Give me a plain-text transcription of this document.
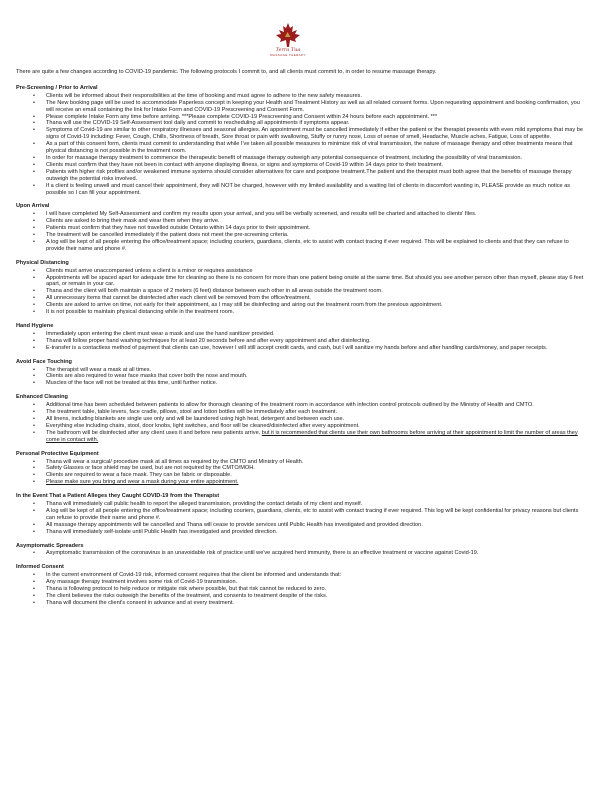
Terra Tua
MASSAGE THERAPY

There are quite a few changes according to COVID-19 pandemic. The following protocols I commit to, and all clients must commit to, in order to resume massage therapy.

Pre-Screening / Prior to Arrival
• Clients will be informed about their responsibilities at the time of booking and must agree to adhere to the new safety measures.
• The New booking page will be used to accommodate Paperless concept in keeping your Health and Treatment History as well as all related consent forms. Upon requesting appointment and booking confirmation, you will receive an email containing the link for Intake Form and COVID-19 Prescreening and Consent Form.
• Please complete Intake Form any time before arriving. ***Please complete COVID-19 Prescreening and Consent within 24 hours before each appointment. ***
• Thana will use the COVID-19 Self-Assessment tool daily and commit to rescheduling all appointments if symptoms appear.
• Symptoms of Covid-19 are similar to other respiratory illnesses and seasonal allergies. An appointment must be cancelled immediately if either the patient or the therapist presents with even mild symptoms that may be signs of Covid-19 including: Fever, Cough, Chills, Shortness of breath, Sore throat or pain with swallowing, Stuffy or runny nose, Loss of sense of smell, Headache, Muscle aches, Fatigue, Loss of appetite.
• As a part of this consent form, clients must commit to understanding that while I've taken all possible measures to minimize risk of viral transmission, the nature of massage therapy and other treatments means that physical distancing is not possible in the treatment room.
• In order for massage therapy treatment to commence the therapeutic benefit of massage therapy outweigh any potential consequence of treatment, including the possibility of viral transmission.
• Clients must confirm that they have not been in contact with anyone displaying illness, or signs and symptoms of Covid-19 within 14 days prior to their treatment.
• Patients with higher risk profiles and/or weakened immune systems should consider alternatives for care and postpone treatment.The patient and the therapist must both agree that the benefits of massage therapy outweigh the potential risks involved.
• If a client is feeling unwell and must cancel their appointment, they will NOT be charged, however with my limited availability and a waiting list of clients in discomfort wanting in, PLEASE provide as much notice as possible so I can fill your appointment.
Upon Arrival
• I will have completed My Self-Assessment and confirm my results upon your arrival, and you will be verbally screened, and results will be charted and attached to clients' files.
• Clients are asked to bring their mask and wear them when they arrive.
• Patients must confirm that they have not travelled outside Ontario within 14 days prior to their appointment.
• The treatment will be cancelled immediately if the patient does not meet the pre-screening criteria.
• A log will be kept of all people entering the office/treatment space; including couriers, guardians, clients, etc to assist with contact tracing if ever required. This will be explained to clients and that they can refuse to provide their name and phone #.
Physical Distancing
• Clients must arrive unaccompanied unless a client is a minor or requires assistance
• Appointments will be spaced apart for adequate time for cleaning so there is no concern for more than one patient being onsite at the same time. But should you see another person other than myself, please stay 6 feet apart, or remain in your car.
• Thana and the client will both maintain a space of 2 meters (6 feet) distance between each other in all areas outside the treatment room.
• All unnecessary items that cannot be disinfected after each client will be removed from the office/treatment.
• Clients are asked to arrive on time, not early for their appointment, as I may still be disinfecting and airing out the treatment room from the previous appointment.
• It is not possible to maintain physical distancing while in the treatment room.
Hand Hygiene
• Immediately upon entering the client must wear a mask and use the hand sanitizer provided.
• Thana will follow proper hand washing techniques for at least 20 seconds before and after every appointment and after disinfecting.
• E-transfer is a contactless method of payment that clients can use, however I will still accept credit cards, and cash, but I will sanitize my hands before and after handling cards/money, and paper receipts.
Avoid Face Touching
• The therapist will wear a mask at all times.
• Clients are also required to wear face masks that cover both the nose and mouth.
• Muscles of the face will not be treated at this time, until further notice.
Enhanced Cleaning
• Additional time has been scheduled between patients to allow for thorough cleaning of the treatment room in accordance with infection control protocols outlined by the Ministry of Health and CMTO.
• The treatment table, table levers, face cradle, pillows, stool and lotion bottles will be immediately after each treatment.
• All linens, including blankets are single use only and will be laundered using high heat, detergent and between each use.
• Everything else including chairs, stool, door knobs, light switches, and floor will be cleaned/disinfected after every appointment.
• The bathroom will be disinfected after any client uses it and before new patients arrive, but it is recommended that clients use their own bathrooms before arriving at their appointment to limit the number of areas they come in contact with.
Personal Protective Equipment
• Thana will wear a surgical/ procedure mask at all times as required by the CMTO and Ministry of Health.
• Safety Glasses or face shield may be used, but are not required by the CMTO/MOH.
• Clients are required to wear a face mask. They can be fabric or disposable.
• Please make sure you bring and wear a mask during your entire appointment.
In the Event That a Patient Alleges they Caught COVID-19 from the Therapist
• Thana will immediately call public health to report the alleged transmission, providing the contact details of my client and myself.
• A log will be kept of all people entering the office/treatment space; including couriers, guardians, clients, etc to assist with contact tracing if ever required. This log will be kept confidential for privacy reasons but clients can refuse to provide their name and phone #.
• All massage therapy appointments will be cancelled and Thana will cease to provide services until Public Health has investigated and provided direction.
• Thana will immediately self-isolate until Public Health has investigated and provided direction.
Asymptomatic Spreaders
• Asymptomatic transmission of the coronavirus is an unavoidable risk of practice until we've acquired herd immunity, there is an effective treatment or vaccine against Covid-19.
Informed Consent
• In the current environment of Covid-19 risk, informed consent requires that the client be informed and understands that:
• Any massage therapy treatment involves some risk of Covid-19 transmission.
• Thana is following protocol to help reduce or mitigate risk where possible, but that risk cannot be reduced to zero.
• The client believes the risks outweigh the benefits of the treatment, and consents to treatment despite of the risks.
• Thana will document the client's consent in advance and at every treatment.
